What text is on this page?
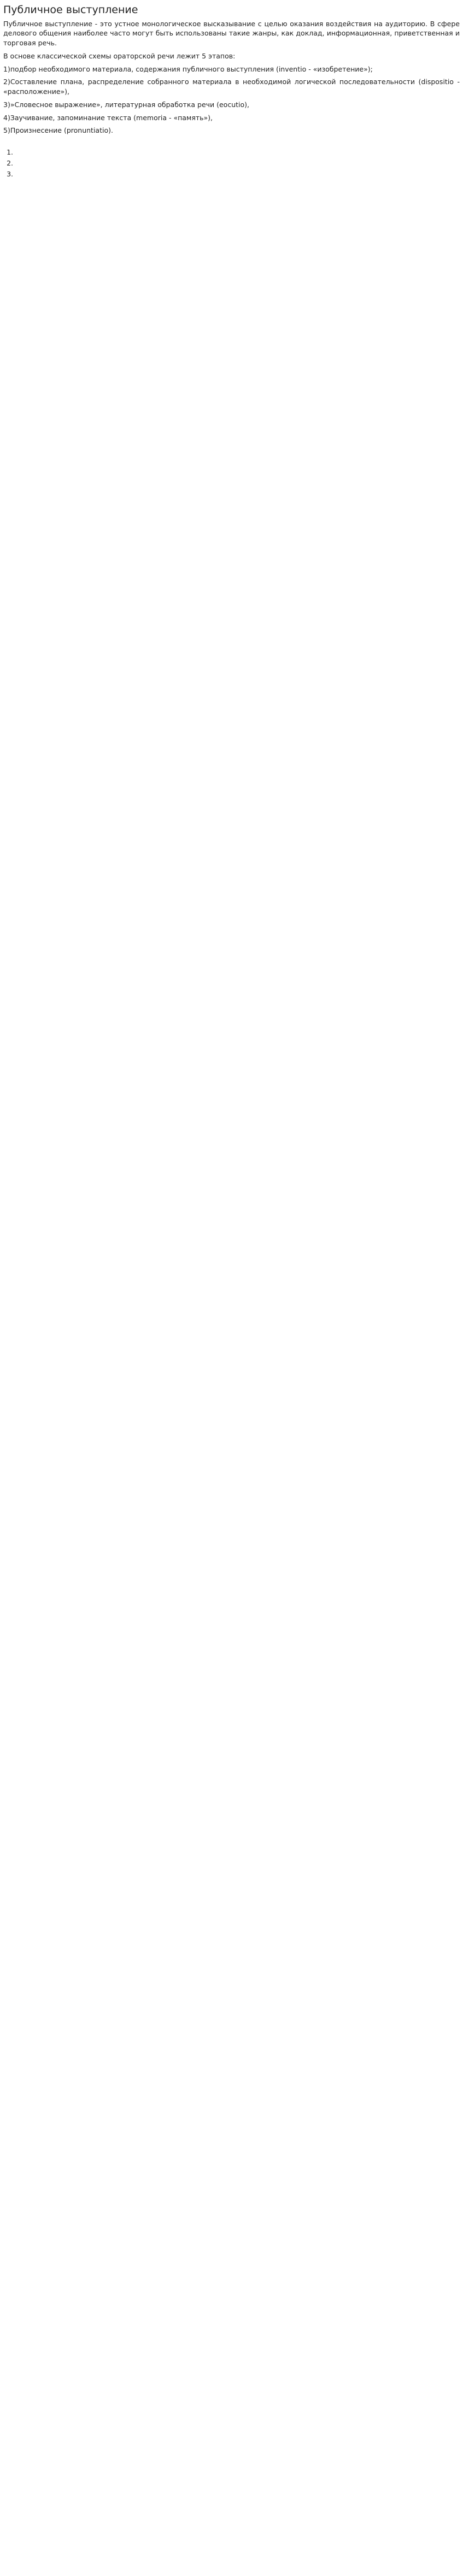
Публичное выступление

Публичное выступление - это устное монологическое высказывание с целью оказания воздействия на аудиторию. В сфере делового общения наиболее часто могут быть использованы такие жанры, как доклад, информационная, приветственная и торговая речь.

В основе классической схемы ораторской речи лежит 5 этапов:

1)подбор необходимого материала, содержания публичного выступления (inventio - «изобретение»);

2)Составление плана, распределение собранного материала в необходимой логической последовательности (dispositio - «расположение»),

3)»Словесное выражение», литературная обработка речи (eocutio),

4)Заучивание, запоминание текста (memoria - «память»),

5)Произнесение (pronuntiatio).

1.
2.
3.
